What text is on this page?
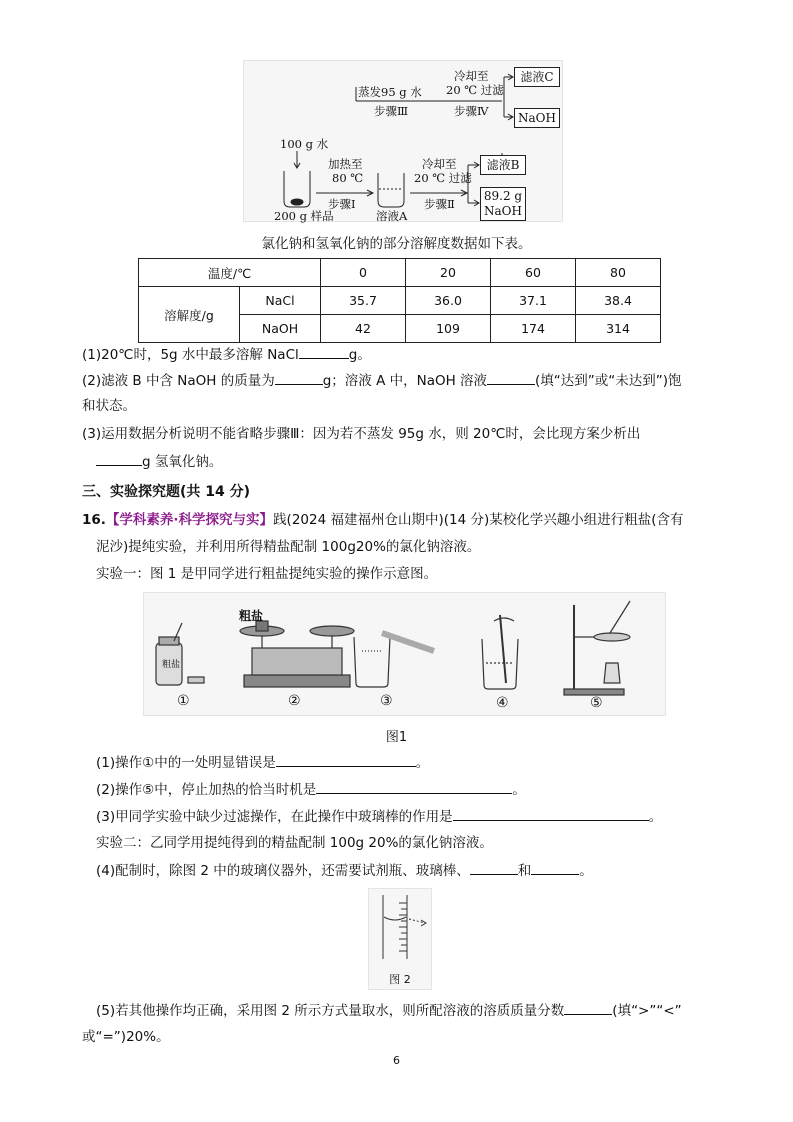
蒸发95 g 水
步骤Ⅲ
冷却至
20 ℃ 过滤
步骤Ⅳ
滤液C
NaOH
100 g 水
加热至
80 ℃
步骤Ⅰ
200 g 样品	溶液A
冷却至
20 ℃ 过滤
步骤Ⅱ
滤液B
89.2 g
NaOH
氯化钠和氢氧化钠的部分溶解度数据如下表。
温度/℃		0	20	60	80
溶解度/g	NaCl	35.7	36.0	37.1	38.4
	NaOH	42	109	174	314
(1)20℃时，5g 水中最多溶解 NaCl	g。
(2)滤液 B 中含 NaOH 的质量为	g；溶液 A 中，NaOH 溶液	(填“达到”或“未达到”)饱
和状态。
(3)运用数据分析说明不能省略步骤Ⅲ：因为若不蒸发 95g 水，则 20℃时，会比现方案少析出
g 氢氧化钠。
三、实验探究题(共 14 分)
16.【学科素养·科学探究与实】践(2024 福建福州仓山期中)(14 分)某校化学兴趣小组进行粗盐(含有
泥沙)提纯实验，并利用所得精盐配制 100g20%的氯化钠溶液。
实验一：图 1 是甲同学进行粗盐提纯实验的操作示意图。
粗盐
粗盐
①	②	③	④	⑤
图1
(1)操作①中的一处明显错误是	。
(2)操作⑤中，停止加热的恰当时机是	。
(3)甲同学实验中缺少过滤操作，在此操作中玻璃棒的作用是	。
实验二：乙同学用提纯得到的精盐配制 100g 20%的氯化钠溶液。
(4)配制时，除图 2 中的玻璃仪器外，还需要试剂瓶、玻璃棒、	和	。
图 2
(5)若其他操作均正确，采用图 2 所示方式量取水，则所配溶液的溶质质量分数	(填“>”“<”
或“=”)20%。
6
